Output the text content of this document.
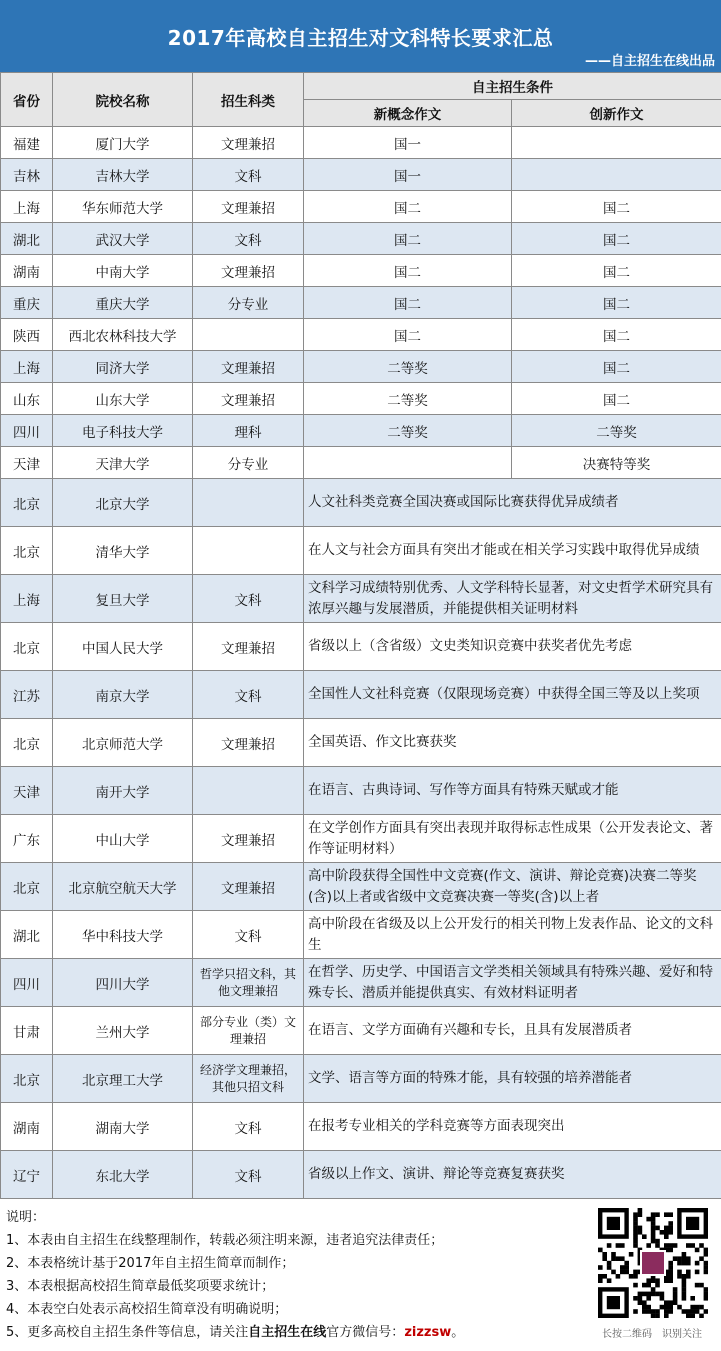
2017年高校自主招生对文科特长要求汇总
——自主招生在线出品
省份	院校名称	招生科类	自主招生条件	
			新概念作文	创新作文
福建	厦门大学	文理兼招	国一	
吉林	吉林大学	文科	国一	
上海	华东师范大学	文理兼招	国二	国二
湖北	武汉大学	文科	国二	国二
湖南	中南大学	文理兼招	国二	国二
重庆	重庆大学	分专业	国二	国二
陕西	西北农林科技大学		国二	国二
上海	同济大学	文理兼招	二等奖	国二
山东	山东大学	文理兼招	二等奖	国二
四川	电子科技大学	理科	二等奖	二等奖
天津	天津大学	分专业		决赛特等奖
北京	北京大学		人文社科类竞赛全国决赛或国际比赛获得优异成绩者	
北京	清华大学		在人文与社会方面具有突出才能或在相关学习实践中取得优异成绩	
上海	复旦大学	文科	文科学习成绩特别优秀、人文学科特长显著，对文史哲学术研究具有浓厚兴趣与发展潜质，并能提供相关证明材料	
北京	中国人民大学	文理兼招	省级以上（含省级）文史类知识竞赛中获奖者优先考虑	
江苏	南京大学	文科	全国性人文社科竞赛（仅限现场竞赛）中获得全国三等及以上奖项	
北京	北京师范大学	文理兼招	全国英语、作文比赛获奖	
天津	南开大学		在语言、古典诗词、写作等方面具有特殊天赋或才能	
广东	中山大学	文理兼招	在文学创作方面具有突出表现并取得标志性成果（公开发表论文、著作等证明材料）	
北京	北京航空航天大学	文理兼招	高中阶段获得全国性中文竞赛(作文、演讲、辩论竞赛)决赛二等奖(含)以上者或省级中文竞赛决赛一等奖(含)以上者	
湖北	华中科技大学	文科	高中阶段在省级及以上公开发行的相关刊物上发表作品、论文的文科生	
四川	四川大学	哲学只招文科，其他文理兼招	在哲学、历史学、中国语言文学类相关领域具有特殊兴趣、爱好和特殊专长、潜质并能提供真实、有效材料证明者	
甘肃	兰州大学	部分专业（类）文理兼招	在语言、文学方面确有兴趣和专长，且具有发展潜质者	
北京	北京理工大学	经济学文理兼招，其他只招文科	文学、语言等方面的特殊才能，具有较强的培养潜能者	
湖南	湖南大学	文科	在报考专业相关的学科竞赛等方面表现突出	
辽宁	东北大学	文科	省级以上作文、演讲、辩论等竞赛复赛获奖	
说明：
1、本表由自主招生在线整理制作，转载必须注明来源，违者追究法律责任；
2、本表格统计基于2017年自主招生简章而制作；
3、本表根据高校招生简章最低奖项要求统计；
4、本表空白处表示高校招生简章没有明确说明；
5、更多高校自主招生条件等信息，请关注自主招生在线官方微信号：zizzsw。	长按二维码　识别关注
